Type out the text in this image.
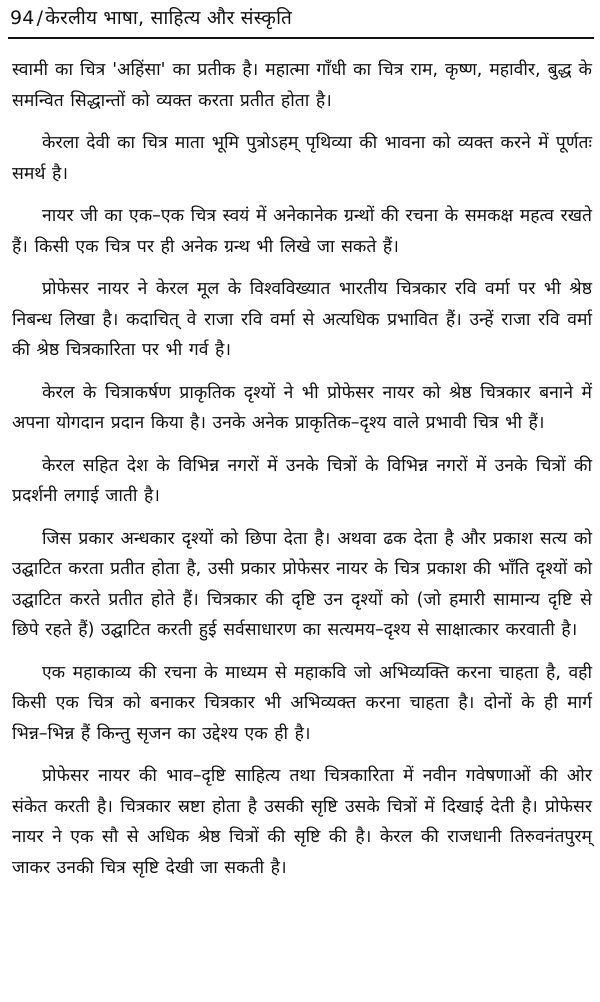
94 / केरलीय भाषा, साहित्य और संस्कृति

स्वामी का चित्र 'अहिंसा' का प्रतीक है। महात्मा गाँधी का चित्र राम, कृष्ण, महावीर, बुद्ध के समन्वित सिद्धान्तों को व्यक्त करता प्रतीत होता है।

केरला देवी का चित्र माता भूमि पुत्रोऽहम् पृथिव्या की भावना को व्यक्त करने में पूर्णतः समर्थ है।

नायर जी का एक–एक चित्र स्वयं में अनेकानेक ग्रन्थों की रचना के समकक्ष महत्व रखते हैं। किसी एक चित्र पर ही अनेक ग्रन्थ भी लिखे जा सकते हैं।

प्रोफेसर नायर ने केरल मूल के विश्वविख्यात भारतीय चित्रकार रवि वर्मा पर भी श्रेष्ठ निबन्ध लिखा है। कदाचित् वे राजा रवि वर्मा से अत्यधिक प्रभावित हैं। उन्हें राजा रवि वर्मा की श्रेष्ठ चित्रकारिता पर भी गर्व है।

केरल के चित्राकर्षण प्राकृतिक दृश्यों ने भी प्रोफेसर नायर को श्रेष्ठ चित्रकार बनाने में अपना योगदान प्रदान किया है। उनके अनेक प्राकृतिक–दृश्य वाले प्रभावी चित्र भी हैं।

केरल सहित देश के विभिन्न नगरों में उनके चित्रों के विभिन्न नगरों में उनके चित्रों की प्रदर्शनी लगाई जाती है।

जिस प्रकार अन्धकार दृश्यों को छिपा देता है। अथवा ढक देता है और प्रकाश सत्य को उद्घाटित करता प्रतीत होता है, उसी प्रकार प्रोफेसर नायर के चित्र प्रकाश की भाँति दृश्यों को उद्घाटित करते प्रतीत होते हैं। चित्रकार की दृष्टि उन दृश्यों को (जो हमारी सामान्य दृष्टि से छिपे रहते हैं) उद्घाटित करती हुई सर्वसाधारण का सत्यमय–दृश्य से साक्षात्कार करवाती है।

एक महाकाव्य की रचना के माध्यम से महाकवि जो अभिव्यक्ति करना चाहता है, वही किसी एक चित्र को बनाकर चित्रकार भी अभिव्यक्त करना चाहता है। दोनों के ही मार्ग भिन्न–भिन्न हैं किन्तु सृजन का उद्देश्य एक ही है।

प्रोफेसर नायर की भाव–दृष्टि साहित्य तथा चित्रकारिता में नवीन गवेषणाओं की ओर संकेत करती है। चित्रकार स्रष्टा होता है उसकी सृष्टि उसके चित्रों में दिखाई देती है। प्रोफेसर नायर ने एक सौ से अधिक श्रेष्ठ चित्रों की सृष्टि की है। केरल की राजधानी तिरुवनंतपुरम् जाकर उनकी चित्र सृष्टि देखी जा सकती है।
